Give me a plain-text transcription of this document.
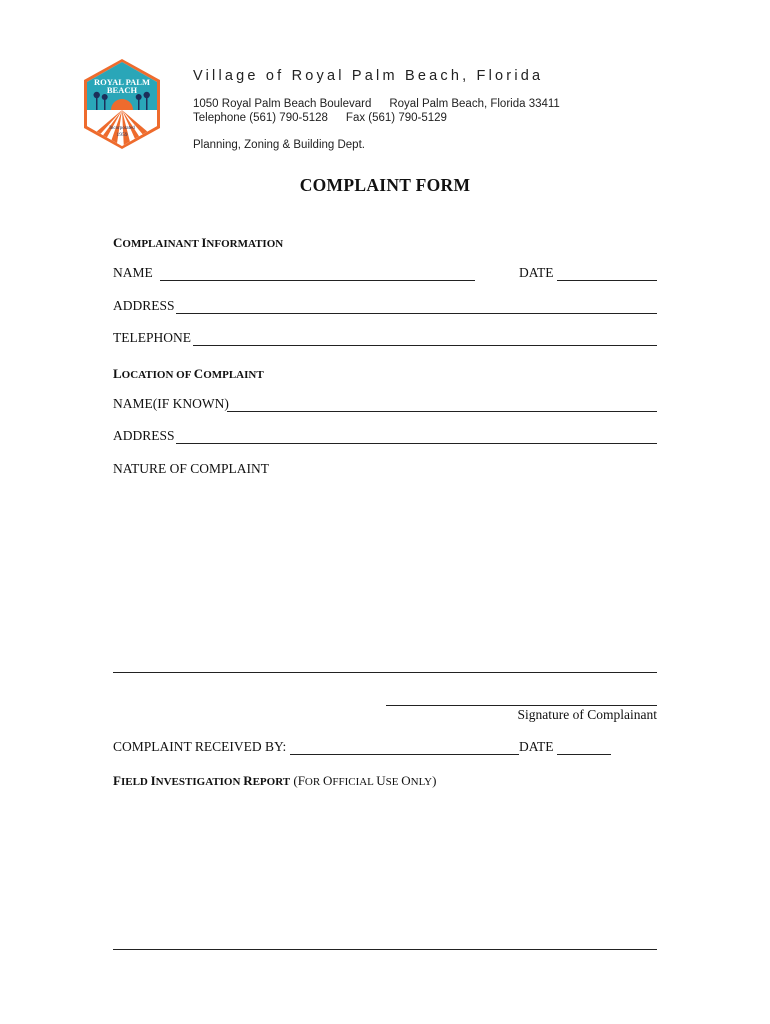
ROYAL PALM
BEACH
Incorporated
1959
Village of Royal Palm Beach, Florida
1050 Royal Palm Beach Boulevard Royal Palm Beach, Florida 33411
Telephone (561) 790-5128 Fax (561) 790-5129
Planning, Zoning & Building Dept.
COMPLAINT FORM
COMPLAINANT INFORMATION
NAME	DATE
ADDRESS
TELEPHONE
LOCATION OF COMPLAINT
NAME(IF KNOWN)
ADDRESS
NATURE OF COMPLAINT
Signature of Complainant
COMPLAINT RECEIVED BY:	DATE
FIELD INVESTIGATION REPORT (FOR OFFICIAL USE ONLY)
